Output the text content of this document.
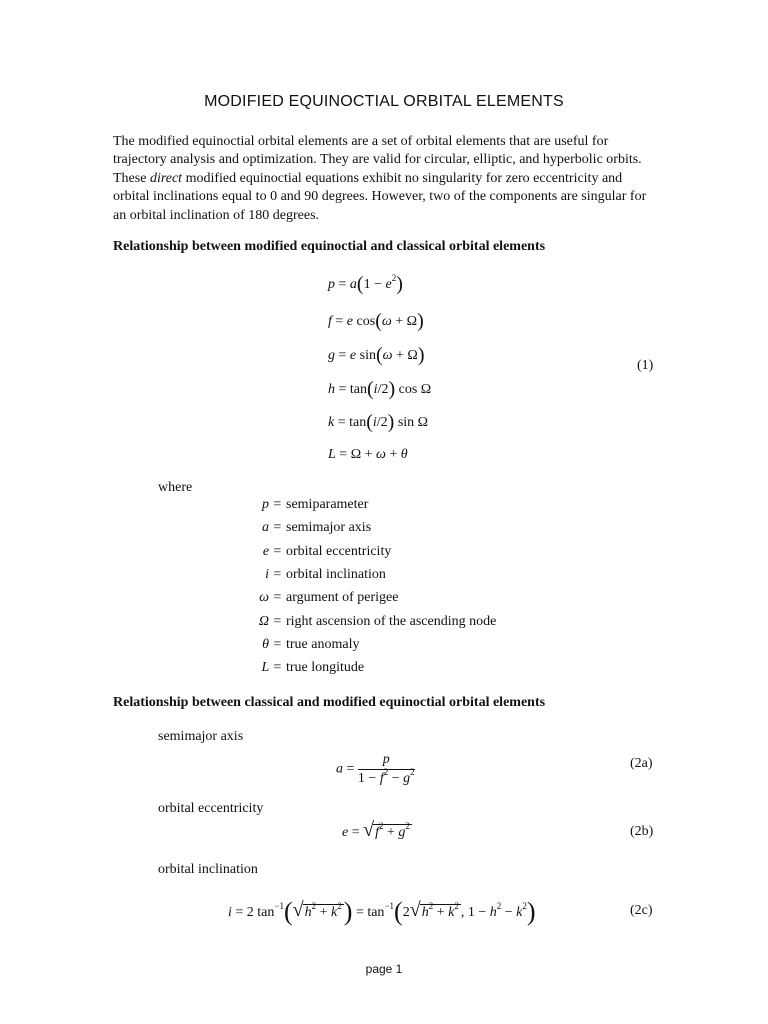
MODIFIED EQUINOCTIAL ORBITAL ELEMENTS

The modified equinoctial orbital elements are a set of orbital elements that are useful for trajectory analysis and optimization. They are valid for circular, elliptic, and hyperbolic orbits. These direct modified equinoctial equations exhibit no singularity for zero eccentricity and orbital inclinations equal to 0 and 90 degrees. However, two of the components are singular for an orbital inclination of 180 degrees.

Relationship between modified equinoctial and classical orbital elements
$p = a(1 - e^2)$
f = e cos(ω + Ω)
g = e sin(ω + Ω)
h = tan(i/2) cos Ω
k = tan(i/2) sin Ω
L = Ω + ω + θ
(1)
where
p = semiparameter
a = semimajor axis
e = orbital eccentricity
i = orbital inclination
ω = argument of perigee
Ω = right ascension of the ascending node
θ = true anomaly
L = true longitude
Relationship between classical and modified equinoctial orbital elements
semimajor axis
$a = \frac{p}{1 - f^2 - g^2}$	(2a)
orbital eccentricity
e = √ $f^2 + g^2$	(2b)
orbital inclination
i = 2 $\tan^{-1}$( √ $h^2 + k^2) = \tan^{-1}(2$ √ $h^2 + k^2$ , $1 - h^2 - k^2$)	(2c)
page 1
